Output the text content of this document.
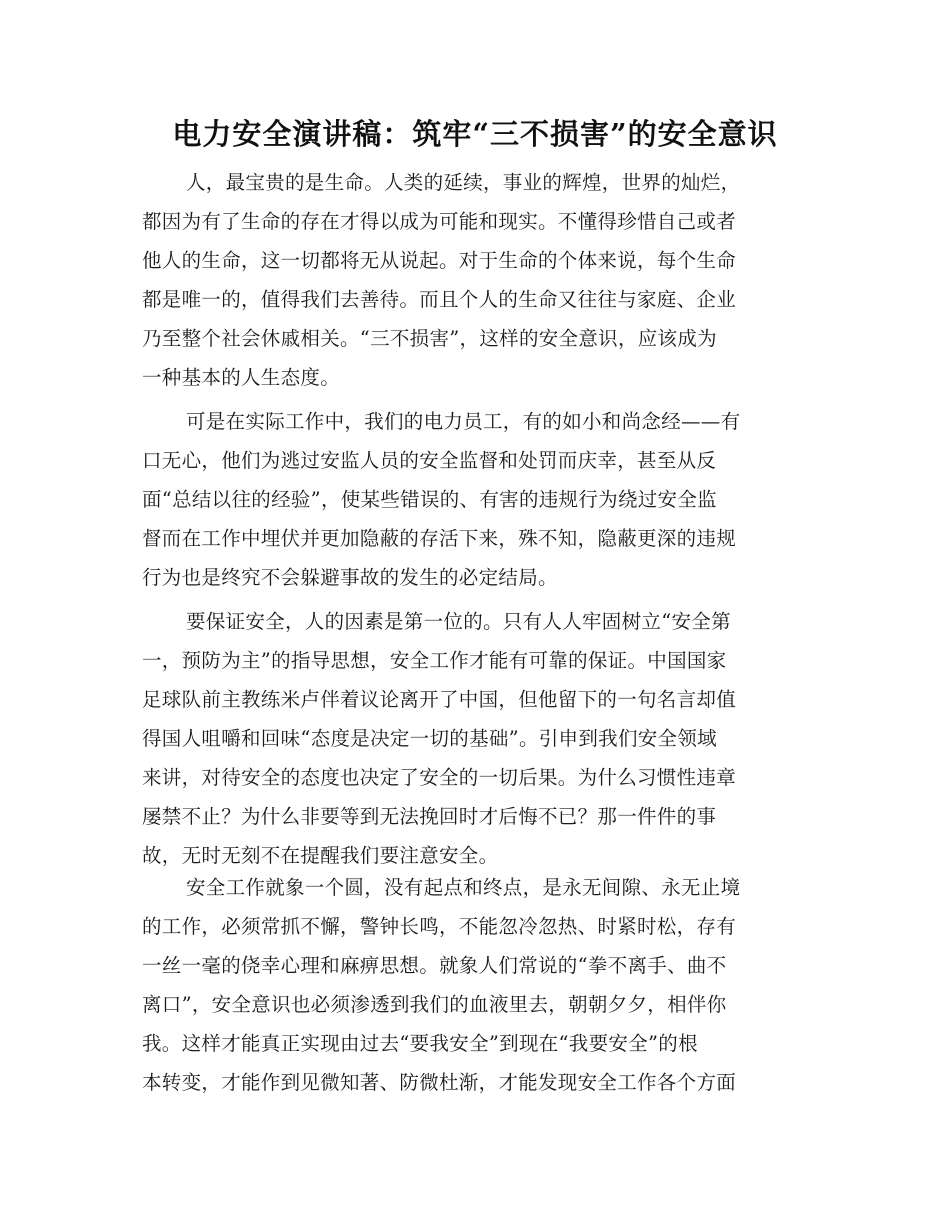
电力安全演讲稿：筑牢“三不损害”的安全意识
人，最宝贵的是生命。人类的延续，事业的辉煌，世界的灿烂，
都因为有了生命的存在才得以成为可能和现实。不懂得珍惜自己或者
他人的生命，这一切都将无从说起。对于生命的个体来说，每个生命
都是唯一的，值得我们去善待。而且个人的生命又往往与家庭、企业
乃至整个社会休戚相关。“三不损害”，这样的安全意识，应该成为
一种基本的人生态度。
可是在实际工作中，我们的电力员工，有的如小和尚念经——有
口无心，他们为逃过安监人员的安全监督和处罚而庆幸，甚至从反
面“总结以往的经验”，使某些错误的、有害的违规行为绕过安全监
督而在工作中埋伏并更加隐蔽的存活下来，殊不知，隐蔽更深的违规
行为也是终究不会躲避事故的发生的必定结局。
要保证安全，人的因素是第一位的。只有人人牢固树立“安全第
一，预防为主”的指导思想，安全工作才能有可靠的保证。中国国家
足球队前主教练米卢伴着议论离开了中国，但他留下的一句名言却值
得国人咀嚼和回味“态度是决定一切的基础”。引申到我们安全领域
来讲，对待安全的态度也决定了安全的一切后果。为什么习惯性违章
屡禁不止？为什么非要等到无法挽回时才后悔不已？那一件件的事
故，无时无刻不在提醒我们要注意安全。
安全工作就象一个圆，没有起点和终点，是永无间隙、永无止境
的工作，必须常抓不懈，警钟长鸣，不能忽冷忽热、时紧时松，存有
一丝一毫的侥幸心理和麻痹思想。就象人们常说的“拳不离手、曲不
离口”，安全意识也必须渗透到我们的血液里去，朝朝夕夕，相伴你
我。这样才能真正实现由过去“要我安全”到现在“我要安全”的根
本转变，才能作到见微知著、防微杜渐，才能发现安全工作各个方面
